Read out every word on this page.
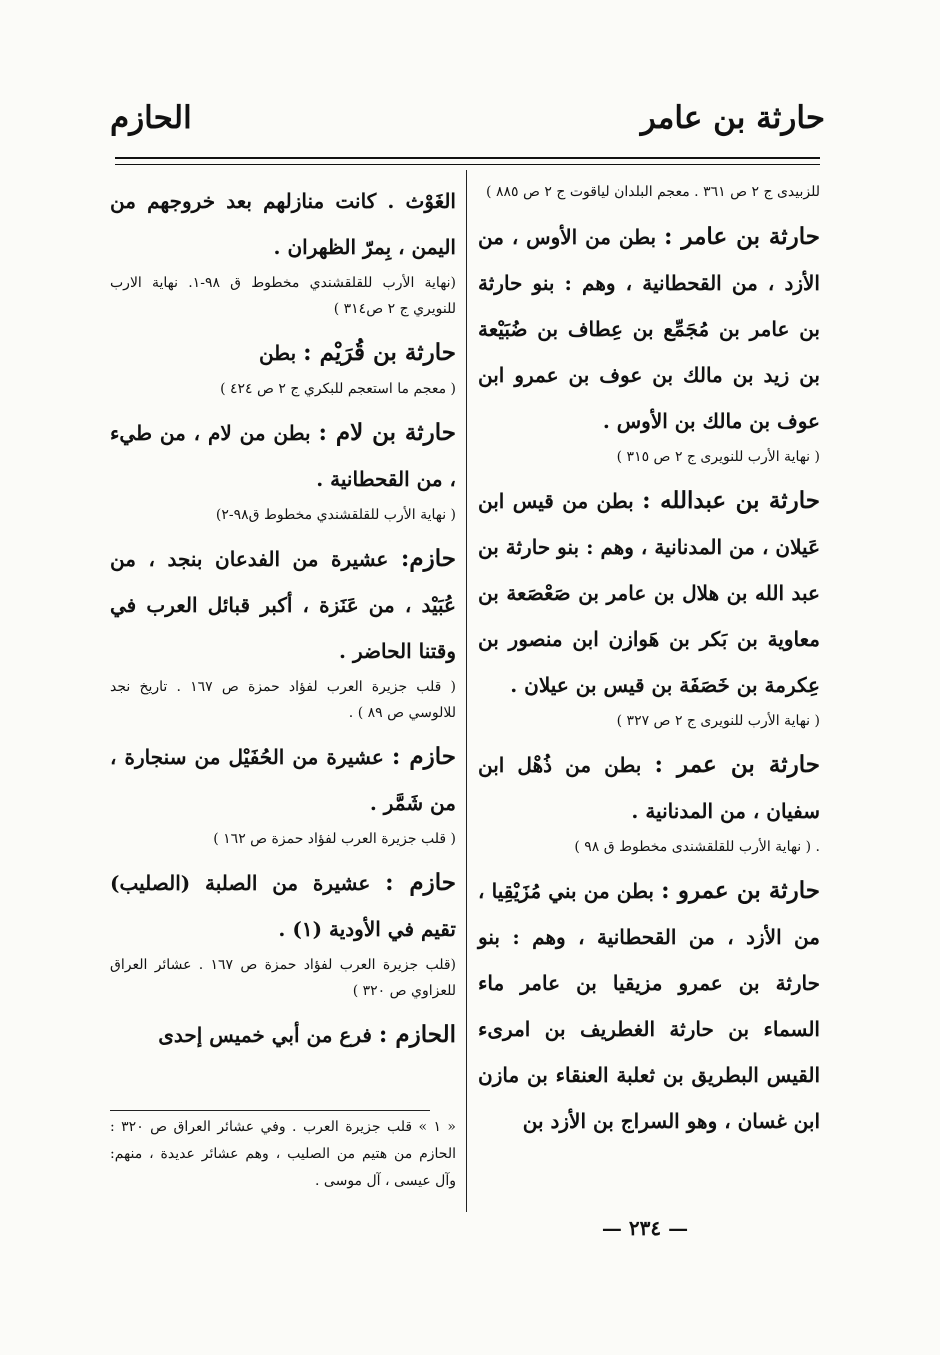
حارثة بن عامر
الحازم

للزبيدى ج ٢ ص ٣٦١ . معجم البلدان لياقوت ج ٢ ص ٨٨٥ )

حارثة بن عامر : بطن من الأوس ، من الأزد ، من القحطانية ، وهم : بنو حارثة بن عامر بن مُجَمِّع بن عِطاف بن ضُبَيْعة بن زيد بن مالك بن عوف بن عمرو ابن عوف بن مالك بن الأوس .

( نهاية الأرب للنويرى ج ٢ ص ٣١٥ )

حارثة بن عبدالله : بطن من قيس ابن عَيلان ، من المدنانية ، وهم : بنو حارثة بن عبد الله بن هلال بن عامر بن صَعْصَعة بن معاوية بن بَكر بن هَوازن ابن منصور بن عِكرمة بن خَصَفَة بن قيس بن عيلان .

( نهاية الأرب للنويرى ج ٢ ص ٣٢٧ )

حارثة بن عمر : بطن من ذُهْل ابن سفيان ، من المدنانية .

. ( نهاية الأرب للقلقشندى مخطوط ق ٩٨ )

حارثة بن عمرو : بطن من بني مُزَيْقِيا ، من الأزد ، من القحطانية ، وهم : بنو حارثة بن عمرو مزيقيا بن عامر ماء السماء بن حارثة الغطريف بن امرىء القيس البطريق بن ثعلبة العنقاء بن مازن ابن غسان ، وهو السراج بن الأزد بن

الغَوْث . كانت منازلهم بعد خروجهم من اليمن ، بِمرّ الظهران .

(نهاية الأرب للقلقشندي مخطوط ق ٩٨-١. نهاية الارب للنويري ج ٢ ص٣١٤ )

حارثة بن قُرَيْم : بطن

( معجم ما استعجم للبكري ج ٢ ص ٤٢٤ )

حارثة بن لام : بطن من لام ، من طيء ، من القحطانية .

( نهاية الأرب للقلقشندي مخطوط ق٩٨-٢)

حازم: عشيرة من الفدعان بنجد ، من عُبَيْد ، من عَنَزة ، أكبر قبائل العرب في وقتنا الحاضر .

( قلب جزيرة العرب لفؤاد حمزة ص ١٦٧ . تاريخ نجد للالوسي ص ٨٩ ) .

حازم : عشيرة من الحُفَيْل من سنجارة ، من شَمَّر .

( قلب جزيرة العرب لفؤاد حمزة ص ١٦٢ )

حازم : عشيرة من الصلبة (الصليب) تقيم في الأودية (١) .

(قلب جزيرة العرب لفؤاد حمزة ص ١٦٧ . عشائر العراق للعزاوي ص ٣٢٠ )

الحازم : فرع من أبي خميس إحدى

« ١ » قلب جزيرة العرب . وفي عشائر العراق ص ٣٢٠ : الحازم من هتيم من الصليب ، وهم عشائر عديدة ، منهم: وآل عيسى ، آل موسى .
— ٢٣٤ —
